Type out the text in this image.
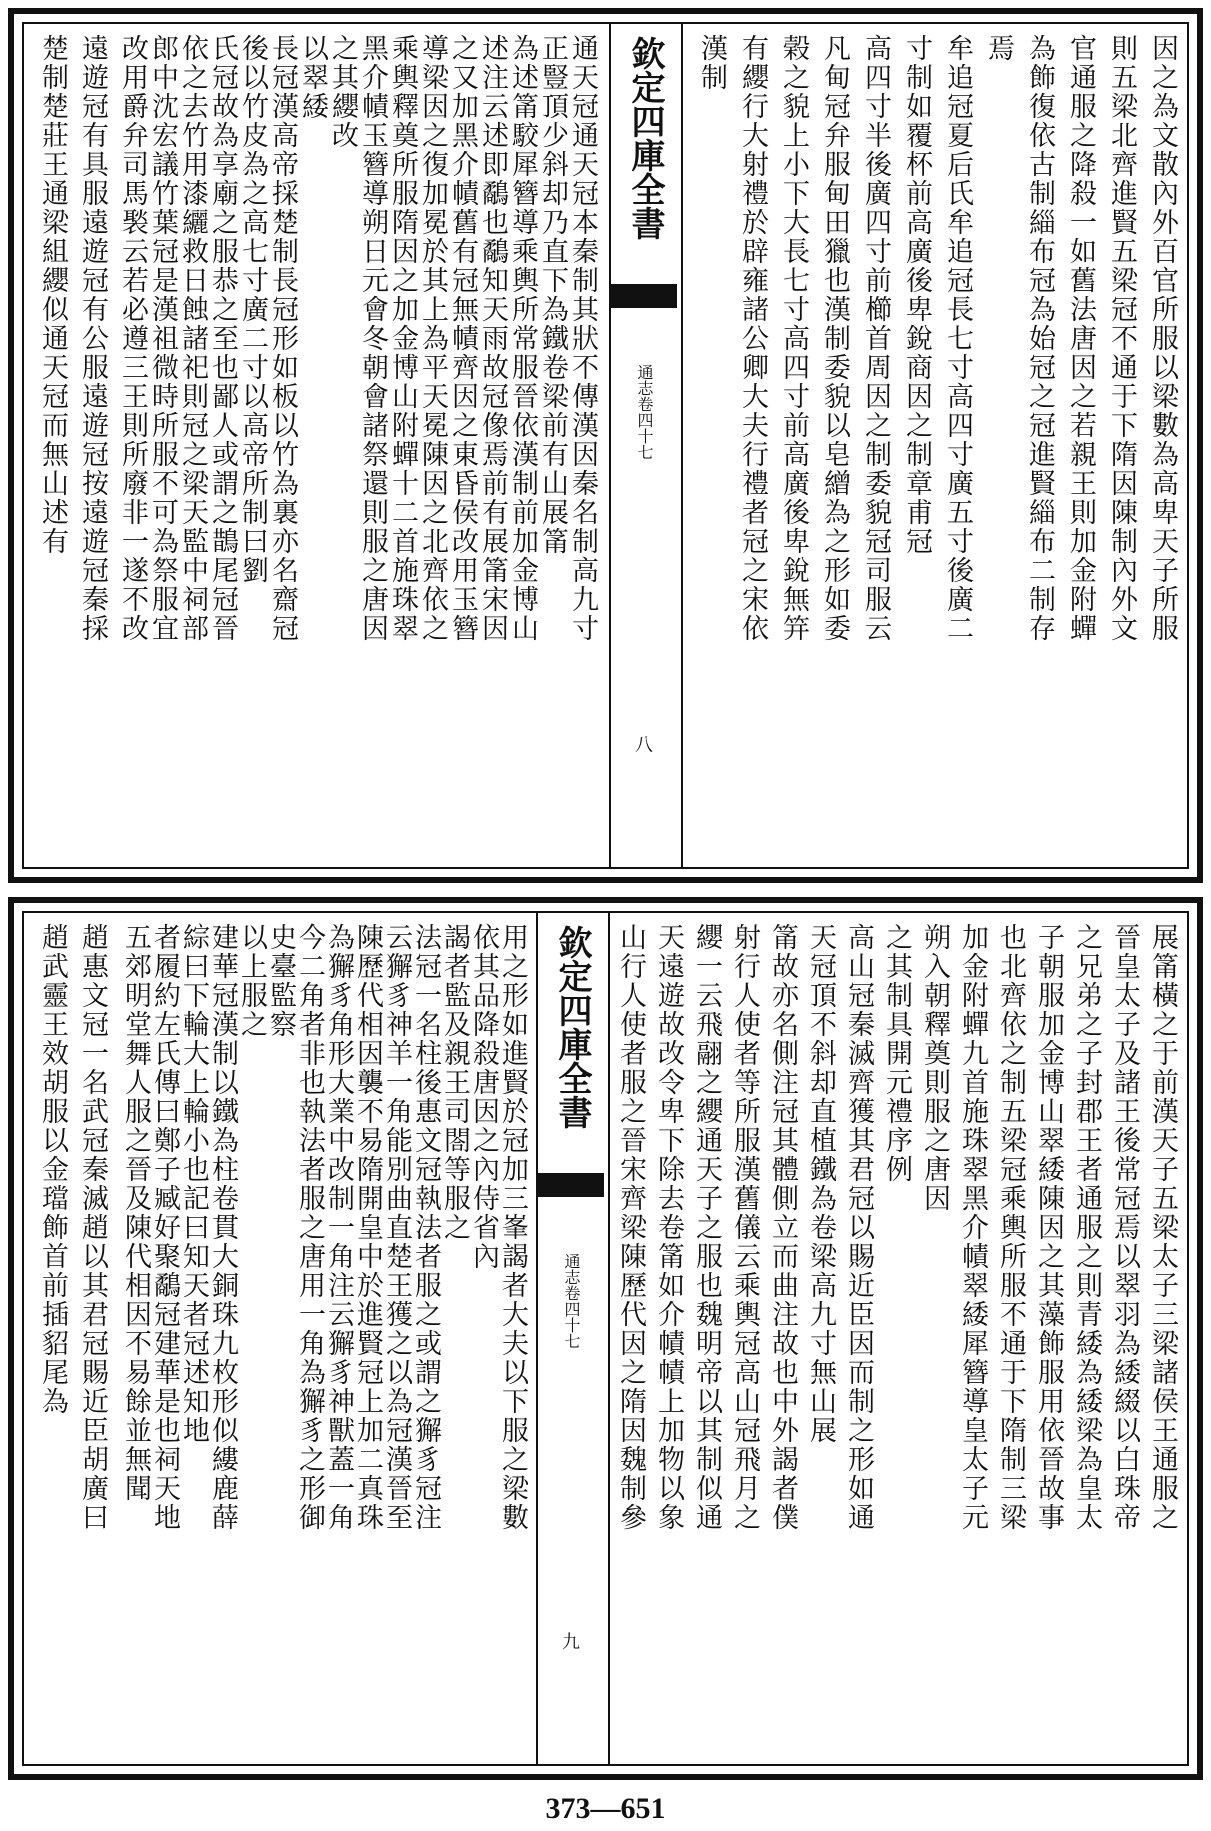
因之為文散內外百官所服以梁數為高卑天子所服
則五梁北齊進賢五梁冠不通于下隋因陳制內外文
官通服之降殺一如舊法唐因之若親王則加金附蟬
為飾復依古制緇布冠為始冠之冠進賢緇布二制存
焉
牟追冠夏后氏牟追冠長七寸高四寸廣五寸後廣二
寸制如覆杯前高廣後卑銳商因之制章甫冠
高四寸半後廣四寸前櫛首周因之制委貌冠司服云
凡甸冠弁服甸田獵也漢制委貌以皂繒為之形如委
榖之貌上小下大長七寸高四寸前高廣後卑銳無笄
有纓行大射禮於辟雍諸公卿大夫行禮者冠之宋依
漢制
欽定四庫全書
通志卷四十七
八
通天冠通天冠本秦制其狀不傳漢因秦名制高九寸
正豎頂少斜却乃直下為鐵卷梁前有山展筩
為述筩駮犀簪導乘輿所常服晉依漢制前加金博山
述注云述即鷸也鷸知天雨故冠像焉前有展筩宋因
之又加黑介幘舊有冠無幘齊因之東昏侯改用玉簪
導梁因之復加冕於其上為平天冕陳因之北齊依之
乘輿釋奠所服隋因之加金博山附蟬十二首施珠翠
黑介幘玉簪導朔日元會冬朝會諸祭還則服之唐因
之其纓改
以翠緌
長冠漢高帝採楚制長冠形如板以竹為裏亦名齋冠
後以竹皮為之高七寸廣二寸以高帝所制曰劉
氏冠故為享廟之服恭之至也鄙人或謂之鵲尾冠晉
依之去竹用漆纚救日蝕諸祀則冠之梁天監中祠部
郎中沈宏議竹葉冠是漢祖微時所服不可為祭服宜
改用爵弁司馬褧云若必遵三王則所廢非一遂不改
遠遊冠有具服遠遊冠有公服遠遊冠按遠遊冠秦採
楚制楚莊王通梁組纓似通天冠而無山述有
展筩橫之于前漢天子五梁太子三梁諸侯王通服之
晉皇太子及諸王後常冠焉以翠羽為緌綴以白珠帝
之兄弟之子封郡王者通服之則青緌為緌梁為皇太
子朝服加金博山翠緌陳因之其藻飾服用依晉故事
也北齊依之制五梁冠乘輿所服不通于下隋制三梁
加金附蟬九首施珠翠黑介幘翠緌犀簪導皇太子元
朔入朝釋奠則服之唐因
之其制具開元禮序例
高山冠秦滅齊獲其君冠以賜近臣因而制之形如通
天冠頂不斜却直植鐵為卷梁高九寸無山展
筩故亦名側注冠其體側立而曲注故也中外謁者僕
射行人使者等所服漢舊儀云乘輿冠高山冠飛月之
纓一云飛翮之纓通天子之服也魏明帝以其制似通
天遠遊故改令卑下除去卷筩如介幘幘上加物以象
山行人使者服之晉宋齊梁陳歷代因之隋因魏制參
欽定四庫全書
通志卷四十七
九
用之形如進賢於冠加三峯謁者大夫以下服之梁數
依其品降殺唐因之內侍省內
謁者監及親王司閤等服之
法冠一名柱後惠文冠執法者服之或謂之獬豸冠注
云獬豸神羊一角能別曲直楚王獲之以為冠漢晉至
陳歷代相因襲不易隋開皇中於進賢冠上加二真珠
為獬豸角形大業中改制一角注云獬豸神獸蓋一角
今二角者非也執法者服之唐用一角為獬豸之形御
史臺監察
以上服之
建華冠漢制以鐵為柱卷貫大銅珠九枚形似縷鹿薛
綜曰下輪大上輪小也記曰知天者冠述知地
者履約左氏傳曰鄭子臧好聚鷸冠建華是也祠天地
五郊明堂舞人服之晉及陳代相因不易餘並無聞
趙惠文冠一名武冠秦滅趙以其君冠賜近臣胡廣曰
趙武靈王效胡服以金璫飾首前插貂尾為
373—651
